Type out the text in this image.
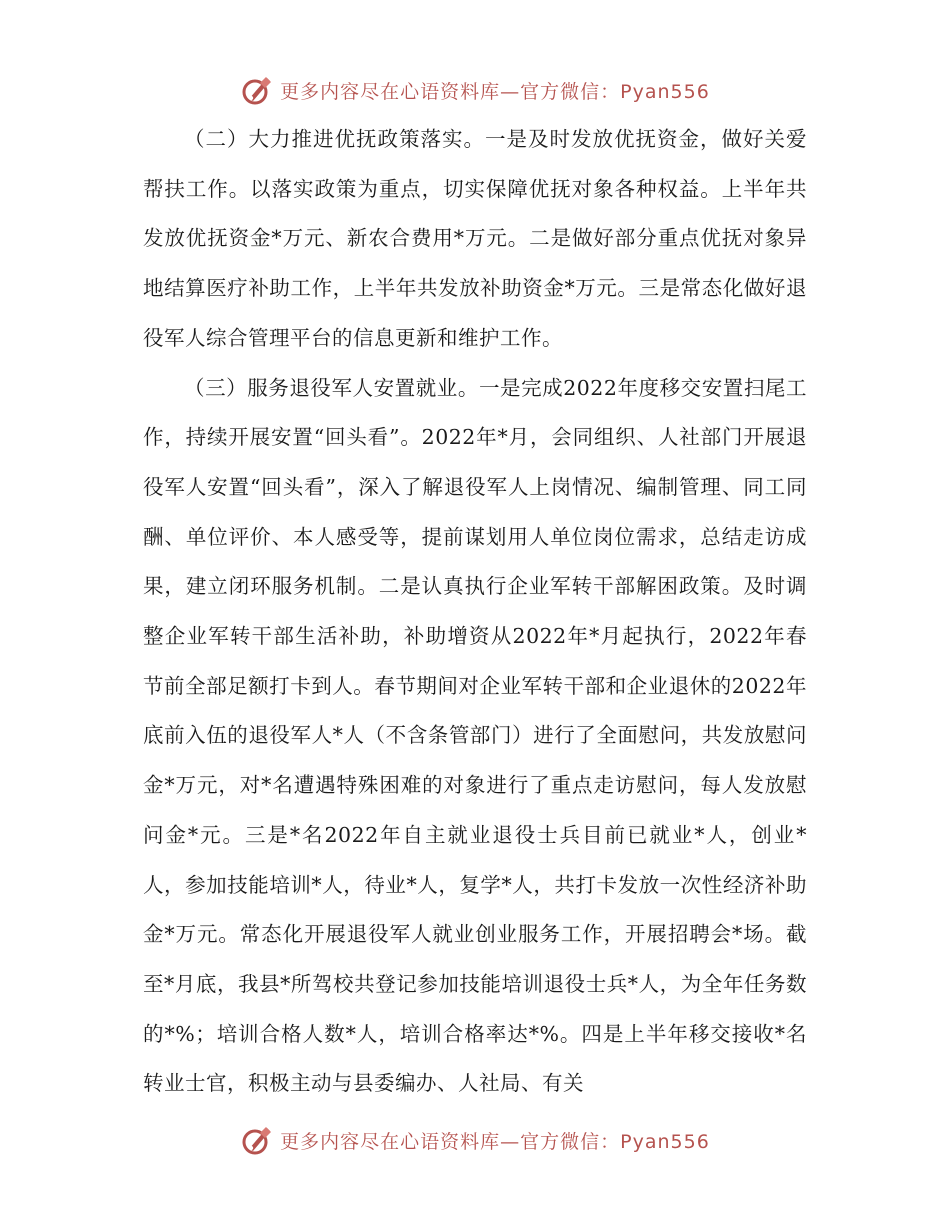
更多内容尽在心语资料库—官方微信：Pyan556

（二）大力推进优抚政策落实。一是及时发放优抚资金，做好关爱帮扶工作。以落实政策为重点，切实保障优抚对象各种权益。上半年共发放优抚资金*万元、新农合费用*万元。二是做好部分重点优抚对象异地结算医疗补助工作，上半年共发放补助资金*万元。三是常态化做好退役军人综合管理平台的信息更新和维护工作。

（三）服务退役军人安置就业。一是完成2022年度移交安置扫尾工作，持续开展安置“回头看”。2022年*月，会同组织、人社部门开展退役军人安置“回头看”，深入了解退役军人上岗情况、编制管理、同工同酬、单位评价、本人感受等，提前谋划用人单位岗位需求，总结走访成果，建立闭环服务机制。二是认真执行企业军转干部解困政策。及时调整企业军转干部生活补助，补助增资从2022年*月起执行，2022年春节前全部足额打卡到人。春节期间对企业军转干部和企业退休的2022年底前入伍的退役军人*人（不含条管部门）进行了全面慰问，共发放慰问金*万元，对*名遭遇特殊困难的对象进行了重点走访慰问，每人发放慰问金*元。三是*名2022年自主就业退役士兵目前已就业*人，创业*人，参加技能培训*人，待业*人，复学*人，共打卡发放一次性经济补助金*万元。常态化开展退役军人就业创业服务工作，开展招聘会*场。截至*月底，我县*所驾校共登记参加技能培训退役士兵*人，为全年任务数的*%；培训合格人数*人，培训合格率达*%。四是上半年移交接收*名转业士官，积极主动与县委编办、人社局、有关

更多内容尽在心语资料库—官方微信：Pyan556
